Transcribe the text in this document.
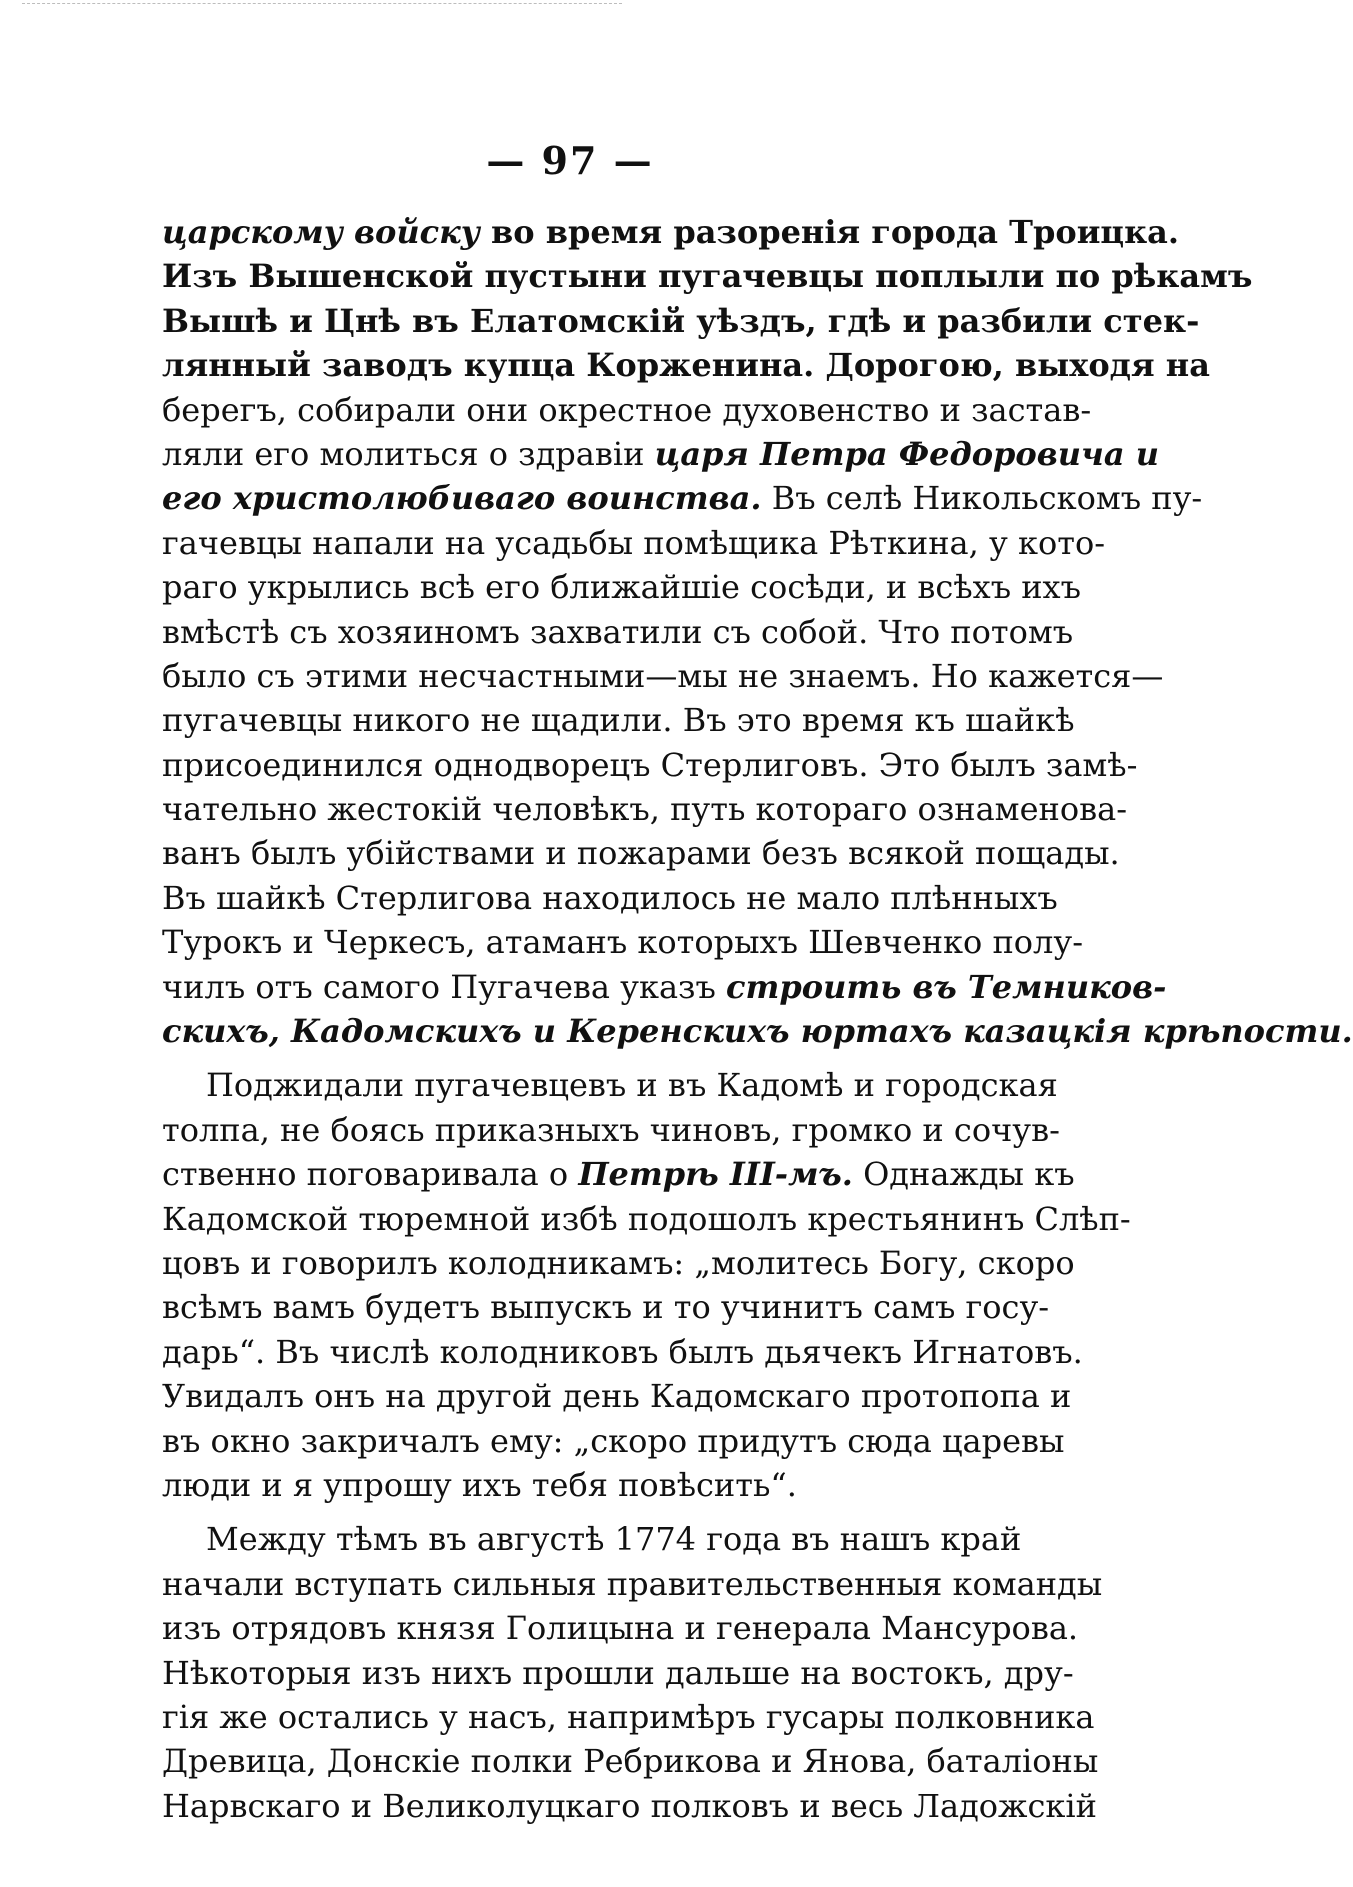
— 97 —
царскому войску во время разоренія города Троицка.
Изъ Вышенской пустыни пугачевцы поплыли по рѣкамъ
Вышѣ и Цнѣ въ Елатомскій уѣздъ, гдѣ и разбили стек-
лянный заводъ купца Корженина. Дорогою, выходя на
берегъ, собирали они окрестное духовенство и застав-
ляли его молиться о здравіи царя Петра Федоровича и
его христолюбиваго воинства. Въ селѣ Никольскомъ пу-
гачевцы напали на усадьбы помѣщика Рѣткина, у кото-
раго укрылись всѣ его ближайшіе сосѣди, и всѣхъ ихъ
вмѣстѣ съ хозяиномъ захватили съ собой. Что потомъ
было съ этими несчастными—мы не знаемъ. Но кажется—
пугачевцы никого не щадили. Въ это время къ шайкѣ
присоединился однодворецъ Стерлиговъ. Это былъ замѣ-
чательно жестокій человѣкъ, путь котораго ознаменова-
ванъ былъ убійствами и пожарами безъ всякой пощады.
Въ шайкѣ Стерлигова находилось не мало плѣнныхъ
Турокъ и Черкесъ, атаманъ которыхъ Шевченко полу-
чилъ отъ самого Пугачева указъ строить въ Темников-
скихъ, Кадомскихъ и Керенскихъ юртахъ казацкія крѣпости.
Поджидали пугачевцевъ и въ Кадомѣ и городская
толпа, не боясь приказныхъ чиновъ, громко и сочув-
ственно поговаривала о Петрѣ III-мъ. Однажды къ
Кадомской тюремной избѣ подошолъ крестьянинъ Слѣп-
цовъ и говорилъ колодникамъ: „молитесь Богу, скоро
всѣмъ вамъ будетъ выпускъ и то учинитъ самъ госу-
дарь“. Въ числѣ колодниковъ былъ дьячекъ Игнатовъ.
Увидалъ онъ на другой день Кадомскаго протопопа и
въ окно закричалъ ему: „скоро придутъ сюда царевы
люди и я упрошу ихъ тебя повѣсить“.
Между тѣмъ въ августѣ 1774 года въ нашъ край
начали вступать сильныя правительственныя команды
изъ отрядовъ князя Голицына и генерала Мансурова.
Нѣкоторыя изъ нихъ прошли дальше на востокъ, дру-
гія же остались у насъ, напримѣръ гусары полковника
Древица, Донскіе полки Ребрикова и Янова, баталіоны
Нарвскаго и Великолуцкаго полковъ и весь Ладожскій
